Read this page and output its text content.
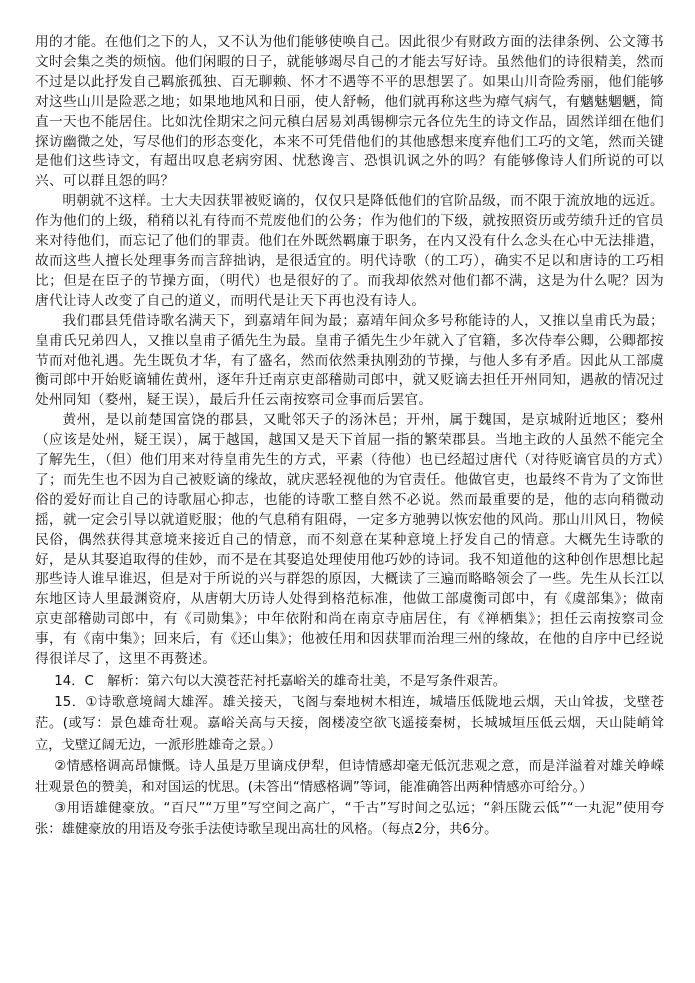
用的才能。在他们之下的人，又不认为他们能够使唤自己。因此很少有财政方面的法律条例、公文簿书文时会集之类的烦恼。他们闲暇的日子，就能够竭尽自己的才能去写好诗。虽然他们的诗很精美，然而不过是以此抒发自己羁旅孤独、百无聊赖、怀才不遇等不平的思想罢了。如果山川奇险秀丽，他们能够对这些山川是险恶之地；如果地地风和日丽，使人舒畅，他们就再称这些为瘴气病气，有魑魅魍魉，简直一天也不能居住。比如沈佺期宋之问元稹白居易刘禹锡柳宗元各位先生的诗文作品，固然详细在他们探访幽微之处，写尽他们的形态变化，本来不可凭借他们的其他感想来度弃他们工巧的文笔，然而关键是他们这些诗文，有超出叹息老病穷困、忧愁谗言、恐惧讥讽之外的吗？有能够像诗人们所说的可以兴、可以群且怨的吗？

明朝就不这样。士大夫因获罪被贬谪的，仅仅只是降低他们的官阶品级，而不限于流放地的远近。作为他们的上级，稍稍以礼有待而不荒废他们的公务；作为他们的下级，就按照资历或劳绩升迁的官员来对待他们，而忘记了他们的罪责。他们在外既然羁廉于职务，在内又没有什么念头在心中无法排遣，故而这些人擅长处理事务而言辞拙讷，是很适宜的。明代诗歌（的工巧），确实不足以和唐诗的工巧相比；但是在臣子的节操方面，（明代）也是很好的了。而我却依然对他们都不满，这是为什么呢？因为唐代让诗人改变了自己的道义，而明代是让天下再也没有诗人。

我们郡县凭借诗歌名满天下，到嘉靖年间为最；嘉靖年间众多号称能诗的人，又推以皇甫氏为最；皇甫氏兄弟四人，又推以皇甫子循先生为最。皇甫子循先生少年就入了官籍，多次侍奉公卿，公卿都按节而对他礼遇。先生既负才华，有了盛名，然而依然秉执刚劲的节操，与他人多有矛盾。因此从工部虞衡司郎中开始贬谪辅佐黄州，逐年升迁南京吏部稽勋司郎中，就又贬谪去担任开州同知，遇赦的情况过处州同知（婺州，疑王误），最后升任云南按察司佥事而后罢官。

黄州，是以前楚国富饶的郡县，又毗邻天子的汤沐邑；开州，属于魏国，是京城附近地区；婺州（应该是处州，疑王误），属于越国，越国又是天下首屈一指的繁荣郡县。当地主政的人虽然不能完全了解先生，（但）他们用来对待皇甫先生的方式，平素（待他）也已经超过唐代（对待贬谪官员的方式）了；而先生也不因为自己被贬谪的缘故，就庆恶轻视他的为官责任。他做官吏，也最终不肯为了文饰世俗的爱好而让自己的诗歌屈心抑志，也能的诗歌工整自然不必说。然而最重要的是，他的志向稍微动摇，就一定会引导以就道贬服；他的气息稍有阻碍，一定多方驰骋以恢宏他的风尚。那山川风日，物候民俗，偶然获得其意境来接近自己的情意，而不刻意在某种意境上抒发自己的情意。大概先生诗歌的好，是从其娶追取得的佳妙，而不是在其娶追处理使用他巧妙的诗词。我不知道他的这种创作思想比起那些诗人谁早谁迟，但是对于所说的兴与群怨的原因，大概读了三遍而略略领会了一些。先生从长江以东地区诗人里最渊资府，从唐朝大历诗人处得到格范标准，他做工部虞衡司郎中，有《虞部集》；做南京吏部稽勋司郎中，有《司勋集》；中年依附和尚在南京寺庙居住，有《禅栖集》；担任云南按察司佥事，有《南中集》；回来后，有《还山集》；他被任用和因获罪而治理三州的缘故，在他的自序中已经说得很详尽了，这里不再赘述。

14．C　解析：第六句以大漠苍茫衬托嘉峪关的雄奇壮美，不是写条件艰苦。

15．①诗歌意境阔大雄浑。雄关接天，飞阁与秦地树木相连，城墙压低陇地云烟，天山耸拔，戈壁苍茫。(或写：景色雄奇壮观。嘉峪关高与天接，阁楼凌空欲飞遥接秦树，长城城垣压低云烟，天山陡峭耸立，戈壁辽阔无边，一派形胜雄奇之景。）

②情感格调高昂慷慨。诗人虽是万里谪戍伊犁，但诗情感却毫无低沉悲观之意，而是洋溢着对雄关峥嵘壮观景色的赞美，和对国运的忧思。(未答出“情感格调”等词，能准确答出两种情感亦可给分。）

③用语雄健豪放。“百尺”“万里”写空间之高广，“千古”写时间之弘远；“斜压陇云低”“一丸泥”使用夸张：雄健豪放的用语及夸张手法使诗歌呈现出高壮的风格。（每点2分，共6分。
